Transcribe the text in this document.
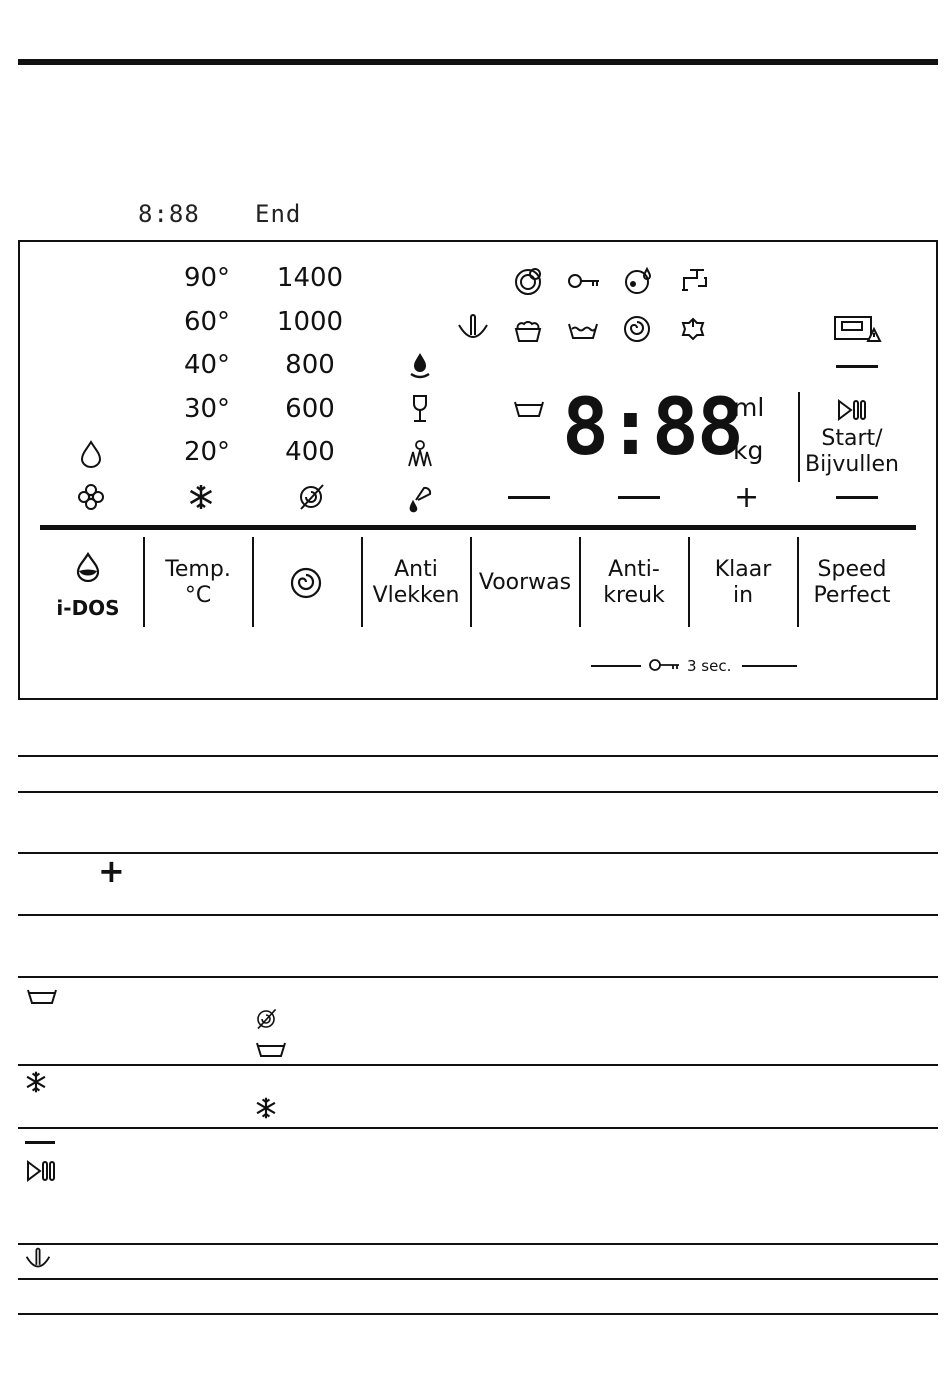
8:88 End
90°
60°
40°
30°
20°
1400
1000
800
600
400	8:88
ml
kg	Start/
Bijvullen
+
i-DOS
Temp.
°C
Anti
Vlekken
Voorwas
Anti-
kreuk
Klaar
in
Speed
Perfect
3 sec.
+
